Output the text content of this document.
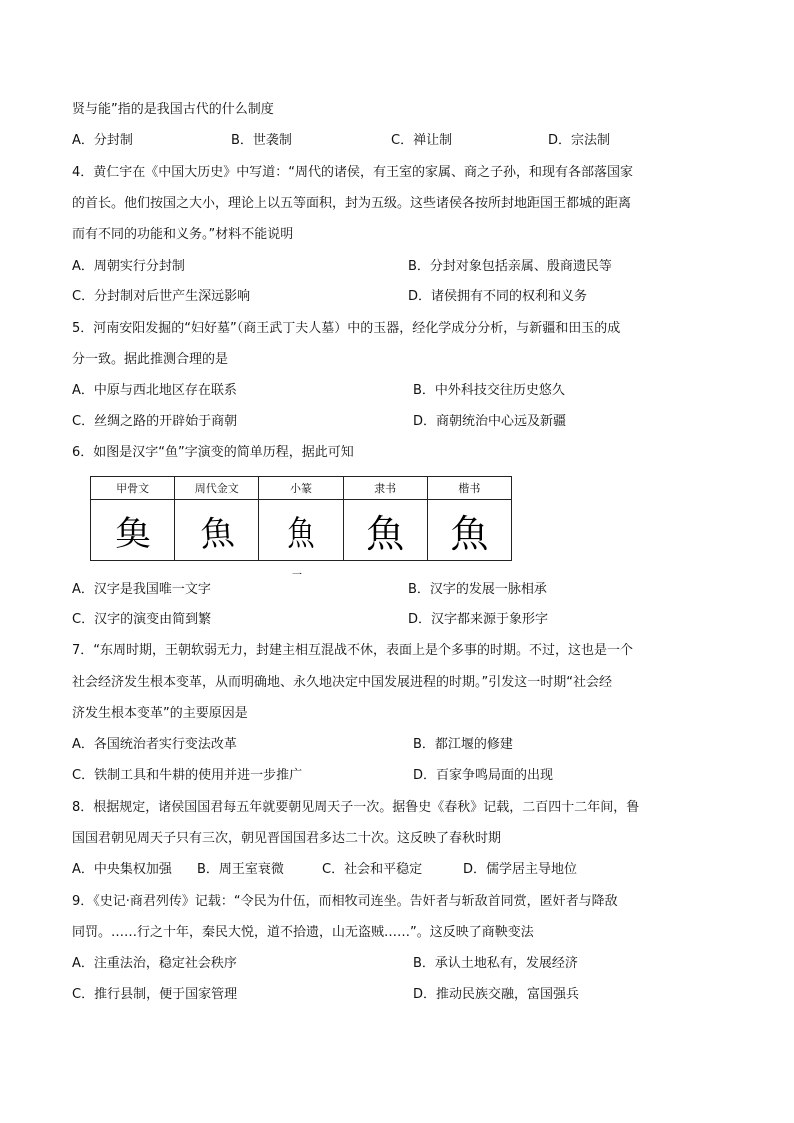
贤与能”指的是我国古代的什么制度
A．分封制	B．世袭制	C．禅让制	D．宗法制
4．黄仁宇在《中国大历史》中写道：“周代的诸侯，有王室的家属、商之子孙，和现有各部落国家
的首长。他们按国之大小，理论上以五等面积，封为五级。这些诸侯各按所封地距国王都城的距离
而有不同的功能和义务。”材料不能说明
A．周朝实行分封制	B．分封对象包括亲属、殷商遗民等
C．分封制对后世产生深远影响	D．诸侯拥有不同的权利和义务
5．河南安阳发掘的“妇好墓”（商王武丁夫人墓）中的玉器，经化学成分分析，与新疆和田玉的成
分一致。据此推测合理的是
A．中原与西北地区存在联系	B．中外科技交往历史悠久
C．丝绸之路的开辟始于商朝	D．商朝统治中心远及新疆
6．如图是汉字“鱼”字演变的简单历程，据此可知
甲骨文	周代金文	小篆	隶书	楷书
𩵋	魚	魚	魚	魚
一
A．汉字是我国唯一文字	B．汉字的发展一脉相承
C．汉字的演变由简到繁	D．汉字都来源于象形字
7．“东周时期，王朝软弱无力，封建主相互混战不休，表面上是个多事的时期。不过，这也是一个
社会经济发生根本变革，从而明确地、永久地决定中国发展进程的时期。”引发这一时期“社会经
济发生根本变革”的主要原因是
A．各国统治者实行变法改革	B．都江堰的修建
C．铁制工具和牛耕的使用并进一步推广	D．百家争鸣局面的出现
8．根据规定，诸侯国国君每五年就要朝见周天子一次。据鲁史《春秋》记载，二百四十二年间，鲁
国国君朝见周天子只有三次，朝见晋国国君多达二十次。这反映了春秋时期
A．中央集权加强 B．周王室衰微	C．社会和平稳定	D．儒学居主导地位
9．《史记·商君列传》记载：“令民为什伍，而相牧司连坐。告奸者与斩敌首同赏，匿奸者与降敌
同罚。……行之十年，秦民大悦，道不拾遗，山无盗贼……”。这反映了商鞅变法
A．注重法治，稳定社会秩序	B．承认土地私有，发展经济
C．推行县制，便于国家管理	D．推动民族交融，富国强兵
